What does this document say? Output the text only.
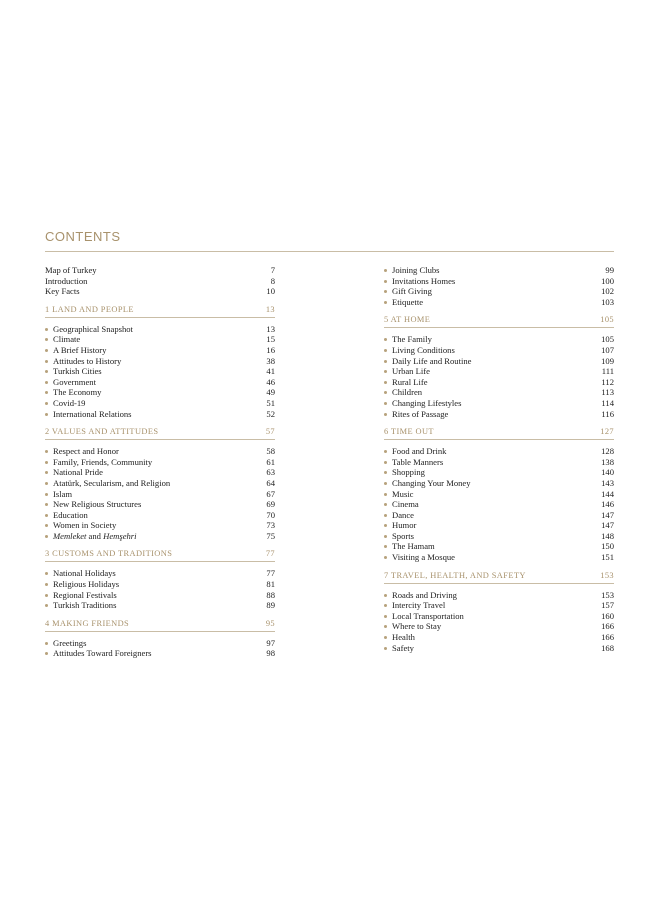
CONTENTS
Map of Turkey	7
Introduction	8
Key Facts	10
1 LAND AND PEOPLE	13
Geographical Snapshot	13
Climate	15
A Brief History	16
Attitudes to History	38
Turkish Cities	41
Government	46
The Economy	49
Covid-19	51
International Relations	52
2 VALUES AND ATTITUDES	57
Respect and Honor	58
Family, Friends, Community	61
National Pride	63
Atatürk, Secularism, and Religion	64
Islam	67
New Religious Structures	69
Education	70
Women in Society	73
Memleket and Hemşehri	75
3 CUSTOMS AND TRADITIONS	77
National Holidays	77
Religious Holidays	81
Regional Festivals	88
Turkish Traditions	89
4 MAKING FRIENDS	95
Greetings	97
Attitudes Toward Foreigners	98
Joining Clubs	99
Invitations Homes	100
Gift Giving	102
Etiquette	103
5 AT HOME	105
The Family	105
Living Conditions	107
Daily Life and Routine	109
Urban Life	111
Rural Life	112
Children	113
Changing Lifestyles	114
Rites of Passage	116
6 TIME OUT	127
Food and Drink	128
Table Manners	138
Shopping	140
Changing Your Money	143
Music	144
Cinema	146
Dance	147
Humor	147
Sports	148
The Hamam	150
Visiting a Mosque	151
7 TRAVEL, HEALTH, AND SAFETY	153
Roads and Driving	153
Intercity Travel	157
Local Transportation	160
Where to Stay	166
Health	166
Safety	168
